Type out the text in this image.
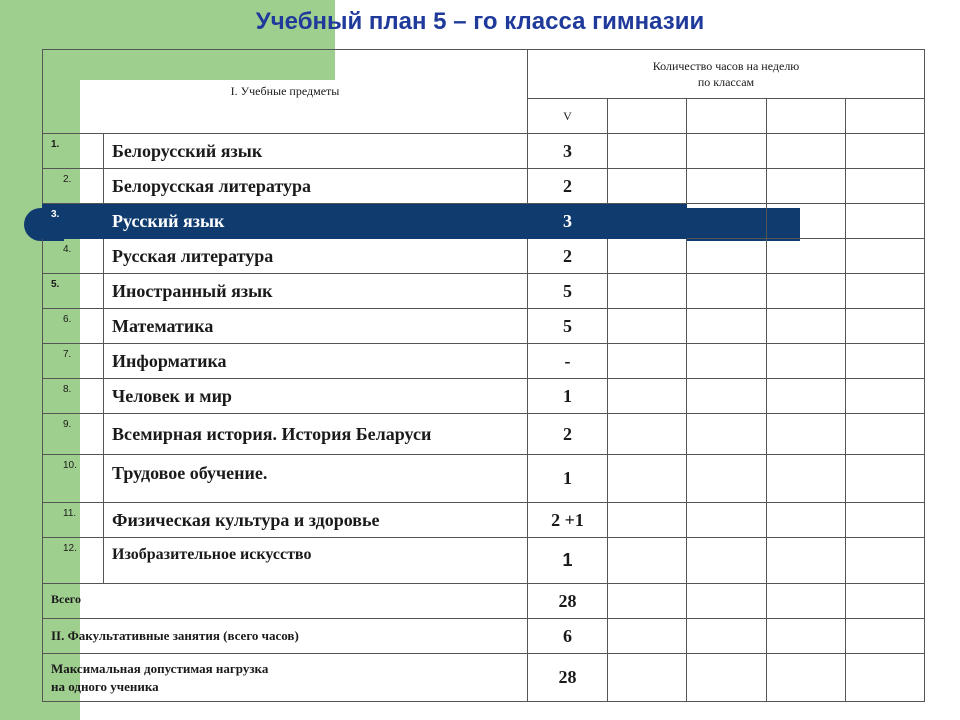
Учебный план 5 – го класса гимназии
I. Учебные предметы		Количество часов на неделю
по классам				

		V				
1.	Белорусский язык	3				
2.	Белорусская литература	2				
3.	Русский язык	3				
4.	Русская литература	2				
5.	Иностранный язык	5				
6.	Математика	5				
7.	Информатика	-				
8.	Человек и мир	1				
9.	Всемирная история. История Беларуси	2				
10.	Трудовое обучение.	1				
11.	Физическая культура и здоровье	2 +1				
12.	Изобразительное искусство	1				
Всего		28				
II. Факультативные занятия (всего часов)		6				

Максимальная допустимая нагрузка
на одного ученика		28				
